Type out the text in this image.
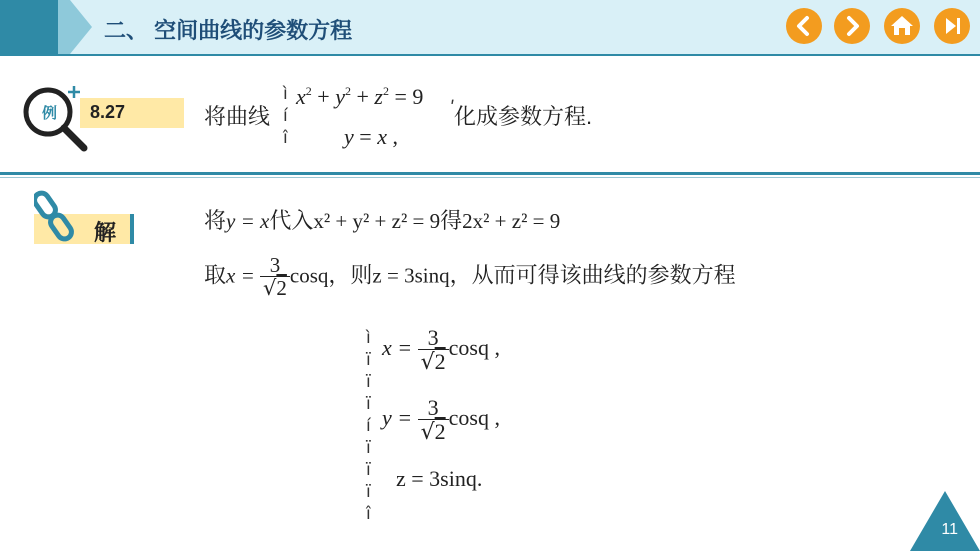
二、 空间曲线的参数方程
例 8.27	将曲线
ì
í
î
$x^2 + y^2 + z^2 = 9$
y = x ,
ʹ
化成参数方程.
解	将y = x代入x² + y² + z² = 9得2x² + z² = 9
取$x = \frac{3}{√2}$ cosq，则z = 3sinq，从而可得该曲线的参数方程
ì
ï
ï
ï
í
ï
ï
ï
î
$x = \frac{3}{√2}$ cosq ,
$y = \frac{3}{√2}$ cosq ,
z = 3sinq.
11
